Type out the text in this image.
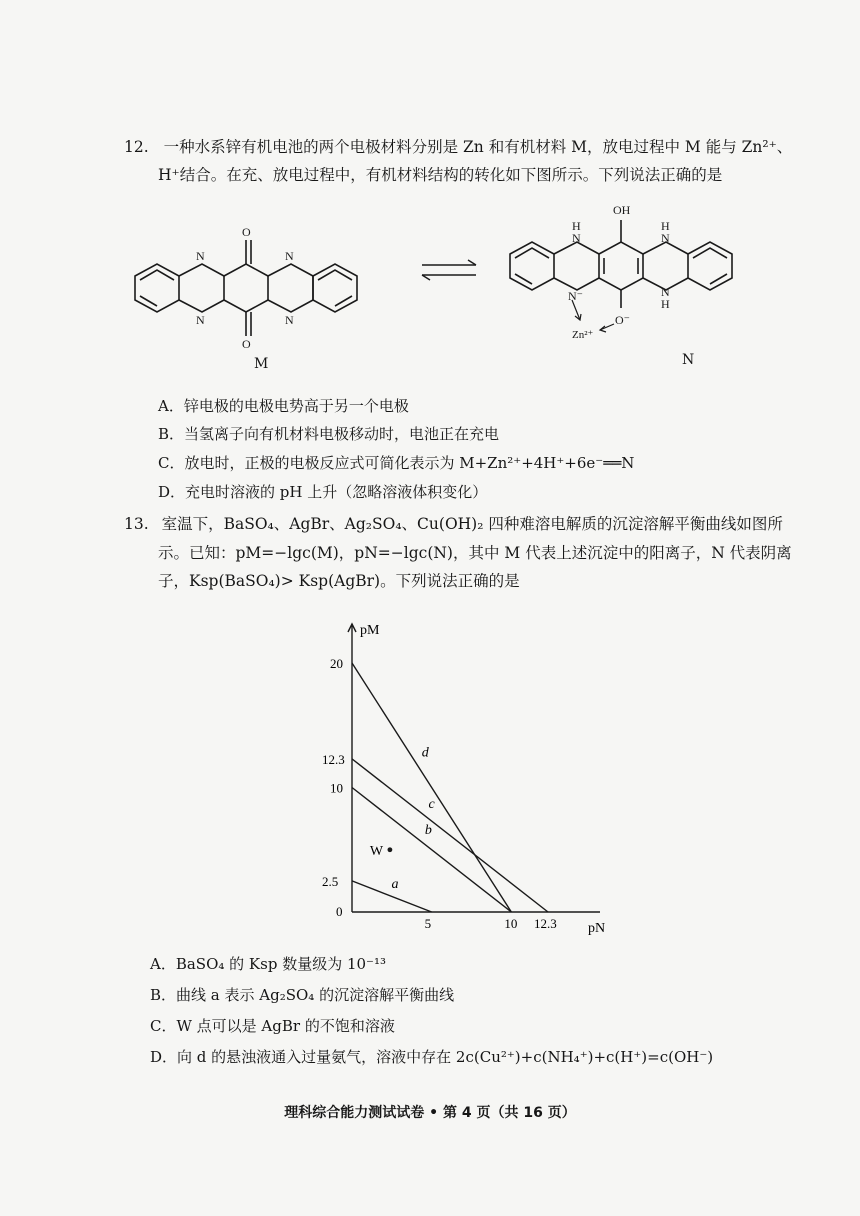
12. 一种水系锌有机电池的两个电极材料分别是 Zn 和有机材料 M，放电过程中 M 能与 Zn²⁺、
H⁺结合。在充、放电过程中，有机材料结构的转化如下图所示。下列说法正确的是
N
N
N
N
O
O
OH
H
N
H
N
N⁻
O⁻
N
H
Zn²⁺
M	N
A．锌电极的电极电势高于另一个电极
B．当氢离子向有机材料电极移动时，电池正在充电
C．放电时，正极的电极反应式可简化表示为 M+Zn²⁺+4H⁺+6e⁻══N
D．充电时溶液的 pH 上升（忽略溶液体积变化）
13. 室温下，BaSO₄、AgBr、Ag₂SO₄、Cu(OH)₂ 四种难溶电解质的沉淀溶解平衡曲线如图所
示。已知：pM=−lgc(M)，pN=−lgc(N)，其中 M 代表上述沉淀中的阳离子，N 代表阴离
子，Ksp(BaSO₄)> Ksp(AgBr)。下列说法正确的是
pM
pN
0
2.5
10
12.3
20
5	10 12.3
a
b
c
d
W
A．BaSO₄ 的 Ksp 数量级为 10⁻¹³
B．曲线 a 表示 Ag₂SO₄ 的沉淀溶解平衡曲线
C．W 点可以是 AgBr 的不饱和溶液
D．向 d 的悬浊液通入过量氨气，溶液中存在 2c(Cu²⁺)+c(NH₄⁺)+c(H⁺)=c(OH⁻)
理科综合能力测试试卷 • 第 4 页（共 16 页）
